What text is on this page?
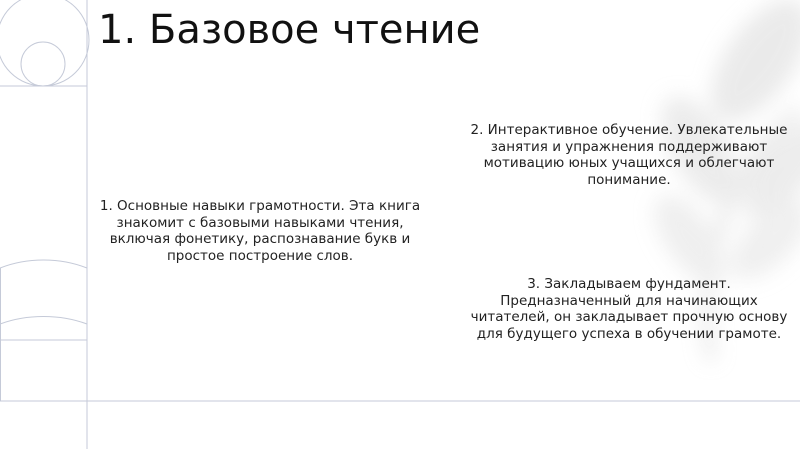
1. Базовое чтение

1. Основные навыки грамотности. Эта книга знакомит с базовыми навыками чтения, включая фонетику, распознавание букв и простое построение слов.

2. Интерактивное обучение. Увлекательные занятия и упражнения поддерживают мотивацию юных учащихся и облегчают понимание.

3. Закладываем фундамент. Предназначенный для начинающих читателей, он закладывает прочную основу для будущего успеха в обучении грамоте.
